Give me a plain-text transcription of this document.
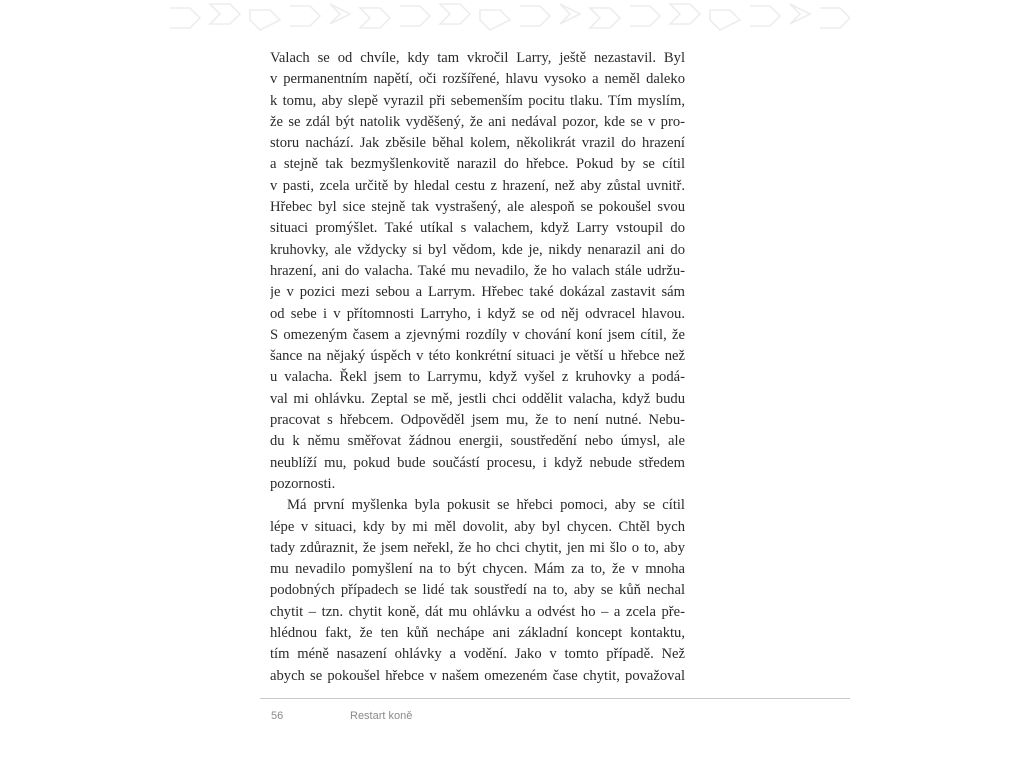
Valach se od chvíle, kdy tam vkročil Larry, ještě nezastavil. Byl
v permanentním napětí, oči rozšířené, hlavu vysoko a neměl daleko
k tomu, aby slepě vyrazil při sebemenším pocitu tlaku. Tím myslím,
že se zdál být natolik vyděšený, že ani nedával pozor, kde se v pro-
storu nachází. Jak zběsile běhal kolem, několikrát vrazil do hrazení
a stejně tak bezmyšlenkovitě narazil do hřebce. Pokud by se cítil
v pasti, zcela určitě by hledal cestu z hrazení, než aby zůstal uvnitř.
Hřebec byl sice stejně tak vystrašený, ale alespoň se pokoušel svou
situaci promýšlet. Také utíkal s valachem, když Larry vstoupil do
kruhovky, ale vždycky si byl vědom, kde je, nikdy nenarazil ani do
hrazení, ani do valacha. Také mu nevadilo, že ho valach stále udržu-
je v pozici mezi sebou a Larrym. Hřebec také dokázal zastavit sám
od sebe i v přítomnosti Larryho, i když se od něj odvracel hlavou.
S omezeným časem a zjevnými rozdíly v chování koní jsem cítil, že
šance na nějaký úspěch v této konkrétní situaci je větší u hřebce než
u valacha. Řekl jsem to Larrymu, když vyšel z kruhovky a podá-
val mi ohlávku. Zeptal se mě, jestli chci oddělit valacha, když budu
pracovat s hřebcem. Odpověděl jsem mu, že to není nutné. Nebu-
du k němu směřovat žádnou energii, soustředění nebo úmysl, ale
neublíží mu, pokud bude součástí procesu, i když nebude středem
pozornosti.
Má první myšlenka byla pokusit se hřebci pomoci, aby se cítil
lépe v situaci, kdy by mi měl dovolit, aby byl chycen. Chtěl bych
tady zdůraznit, že jsem neřekl, že ho chci chytit, jen mi šlo o to, aby
mu nevadilo pomyšlení na to být chycen. Mám za to, že v mnoha
podobných případech se lidé tak soustředí na to, aby se kůň nechal
chytit – tzn. chytit koně, dát mu ohlávku a odvést ho – a zcela pře-
hlédnou fakt, že ten kůň nechápe ani základní koncept kontaktu,
tím méně nasazení ohlávky a vodění. Jako v tomto případě. Než
abych se pokoušel hřebce v našem omezeném čase chytit, považoval
56	Restart koně
